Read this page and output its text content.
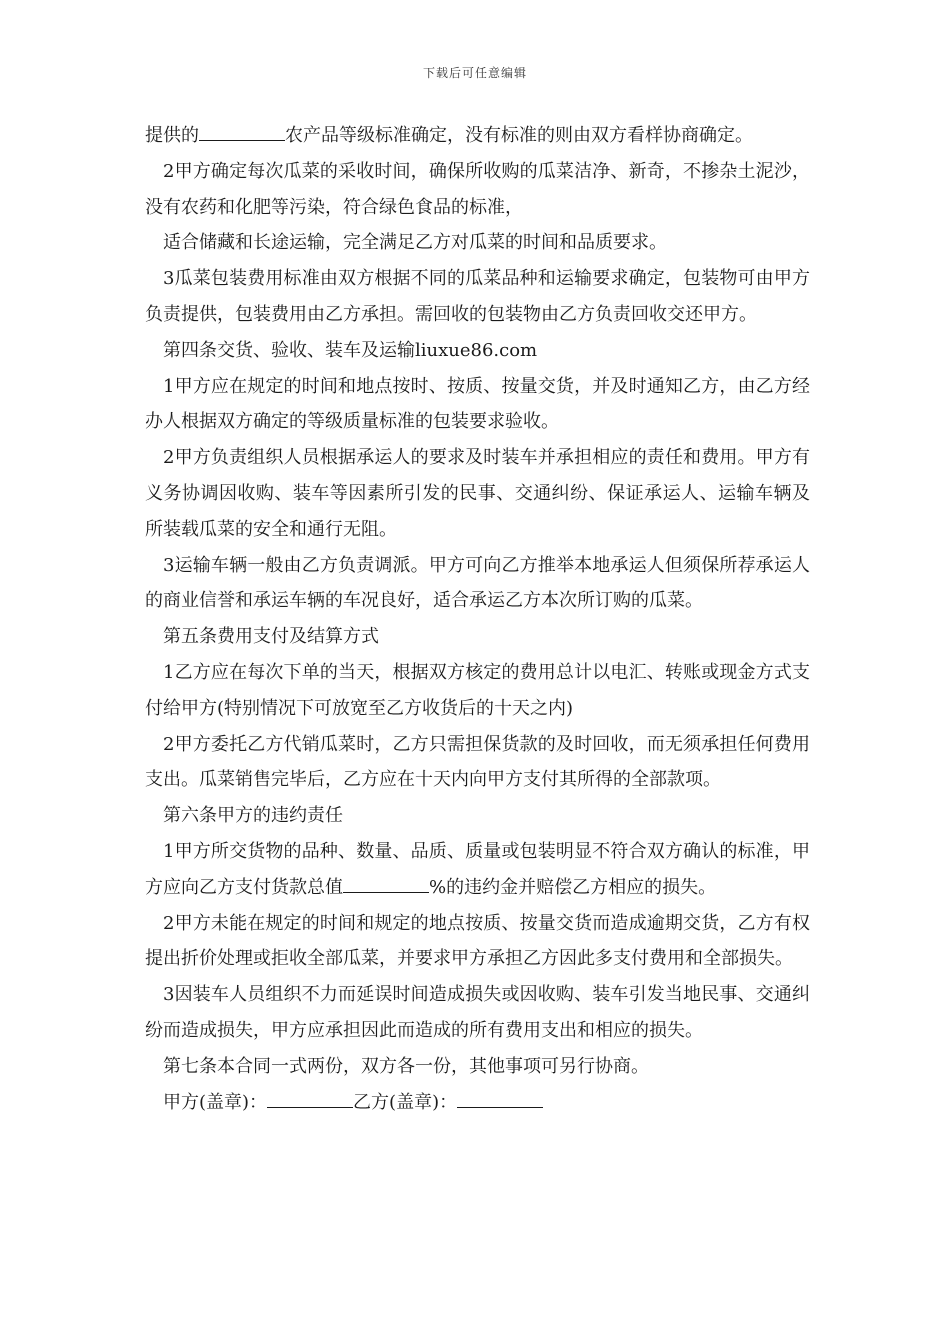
下载后可任意编辑

提供的	农产品等级标准确定，没有标准的则由双方看样协商确定。

2甲方确定每次瓜菜的采收时间，确保所收购的瓜菜洁净、新奇，不掺杂土泥沙，没有农药和化肥等污染，符合绿色食品的标准，

适合储藏和长途运输，完全满足乙方对瓜菜的时间和品质要求。

3瓜菜包装费用标准由双方根据不同的瓜菜品种和运输要求确定，包装物可由甲方负责提供，包装费用由乙方承担。需回收的包装物由乙方负责回收交还甲方。

第四条交货、验收、装车及运输liuxue86.com

1甲方应在规定的时间和地点按时、按质、按量交货，并及时通知乙方，由乙方经办人根据双方确定的等级质量标准的包装要求验收。

2甲方负责组织人员根据承运人的要求及时装车并承担相应的责任和费用。甲方有义务协调因收购、装车等因素所引发的民事、交通纠纷、保证承运人、运输车辆及所装载瓜菜的安全和通行无阻。

3运输车辆一般由乙方负责调派。甲方可向乙方推举本地承运人但须保所荐承运人的商业信誉和承运车辆的车况良好，适合承运乙方本次所订购的瓜菜。

第五条费用支付及结算方式

1乙方应在每次下单的当天，根据双方核定的费用总计以电汇、转账或现金方式支付给甲方(特别情况下可放宽至乙方收货后的十天之内)

2甲方委托乙方代销瓜菜时，乙方只需担保货款的及时回收，而无须承担任何费用支出。瓜菜销售完毕后，乙方应在十天内向甲方支付其所得的全部款项。

第六条甲方的违约责任

1甲方所交货物的品种、数量、品质、质量或包装明显不符合双方确认的标准，甲方应向乙方支付货款总值	%的违约金并赔偿乙方相应的损失。

2甲方未能在规定的时间和规定的地点按质、按量交货而造成逾期交货，乙方有权提出折价处理或拒收全部瓜菜，并要求甲方承担乙方因此多支付费用和全部损失。

3因装车人员组织不力而延误时间造成损失或因收购、装车引发当地民事、交通纠纷而造成损失，甲方应承担因此而造成的所有费用支出和相应的损失。

第七条本合同一式两份，双方各一份，其他事项可另行协商。

甲方(盖章)：	乙方(盖章)：
